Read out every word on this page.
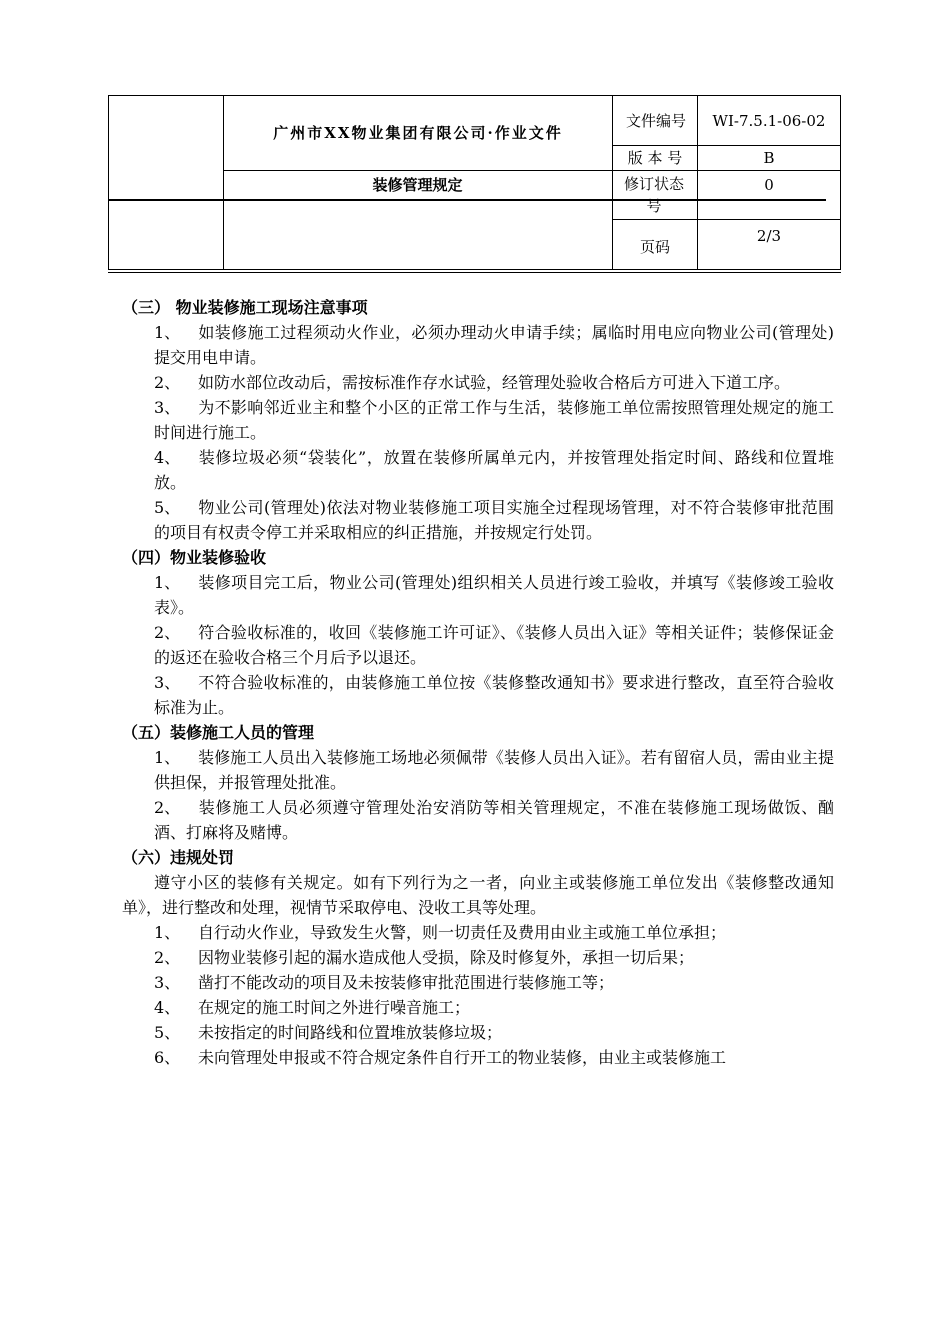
广州市XX物业集团有限公司·作业文件
装修管理规定
文件编号	WI-7.5.1-06-02
版 本 号	B
修订状态号
0
页码
2/3

（三） 物业装修施工现场注意事项

1、 如装修施工过程须动火作业，必须办理动火申请手续；属临时用电应向物业公司(管理处)提交用电申请。

2、 如防水部位改动后，需按标准作存水试验，经管理处验收合格后方可进入下道工序。

3、 为不影响邻近业主和整个小区的正常工作与生活，装修施工单位需按照管理处规定的施工时间进行施工。

4、 装修垃圾必须“袋装化”，放置在装修所属单元内，并按管理处指定时间、路线和位置堆放。

5、 物业公司(管理处)依法对物业装修施工项目实施全过程现场管理，对不符合装修审批范围的项目有权责令停工并采取相应的纠正措施，并按规定行处罚。

（四）物业装修验收

1、 装修项目完工后，物业公司(管理处)组织相关人员进行竣工验收，并填写《装修竣工验收表》。

2、 符合验收标准的，收回《装修施工许可证》、《装修人员出入证》等相关证件；装修保证金的返还在验收合格三个月后予以退还。

3、 不符合验收标准的，由装修施工单位按《装修整改通知书》要求进行整改，直至符合验收标准为止。

（五）装修施工人员的管理

1、 装修施工人员出入装修施工场地必须佩带《装修人员出入证》。若有留宿人员，需由业主提供担保，并报管理处批准。

2、 装修施工人员必须遵守管理处治安消防等相关管理规定，不准在装修施工现场做饭、酗酒、打麻将及赌博。

（六）违规处罚

遵守小区的装修有关规定。如有下列行为之一者，向业主或装修施工单位发出《装修整改通知单》，进行整改和处理，视情节采取停电、没收工具等处理。

1、 自行动火作业，导致发生火警，则一切责任及费用由业主或施工单位承担；

2、 因物业装修引起的漏水造成他人受损，除及时修复外，承担一切后果；

3、 凿打不能改动的项目及未按装修审批范围进行装修施工等；

4、 在规定的施工时间之外进行噪音施工；

5、 未按指定的时间路线和位置堆放装修垃圾；

6、 未向管理处申报或不符合规定条件自行开工的物业装修，由业主或装修施工
